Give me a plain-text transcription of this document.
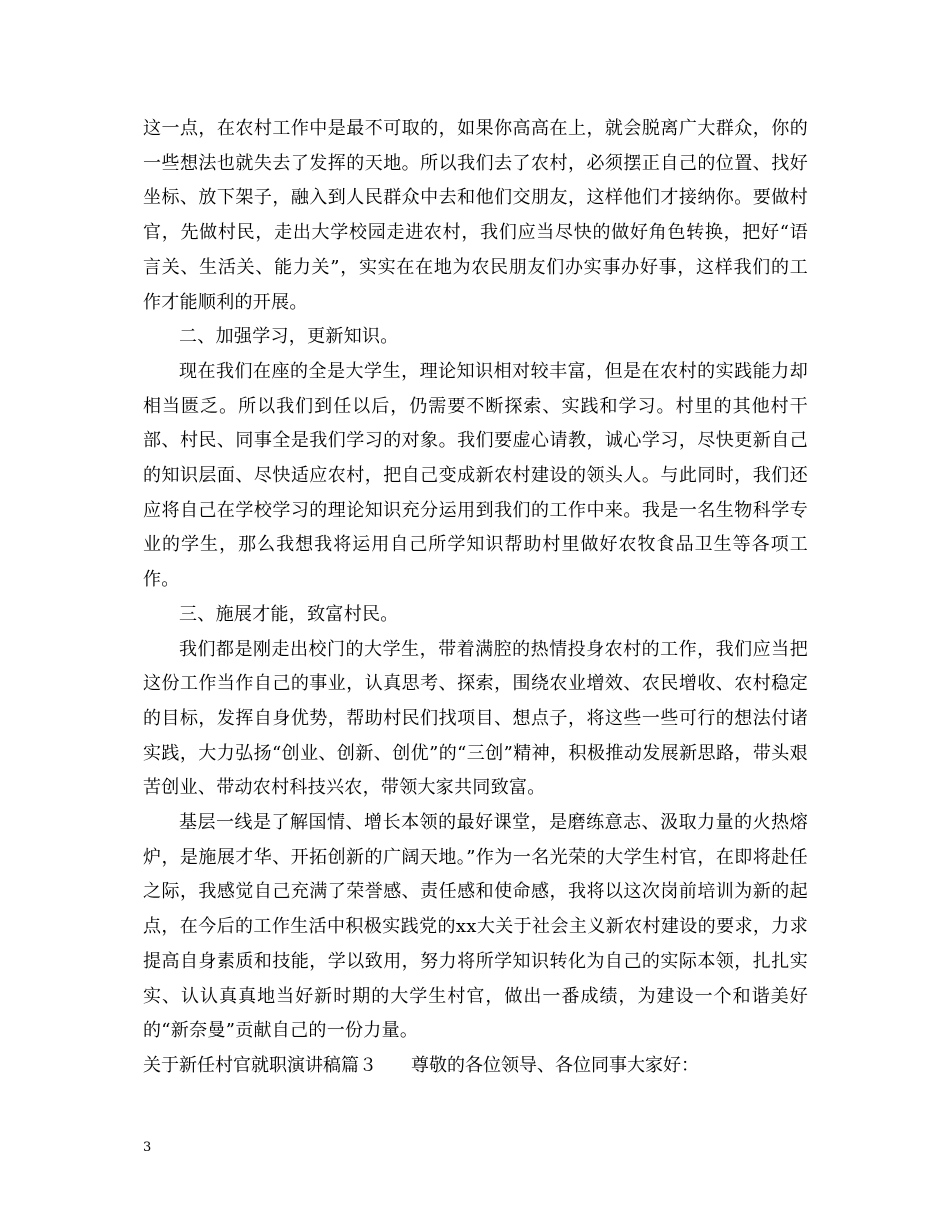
这一点，在农村工作中是最不可取的，如果你高高在上，就会脱离广大群众，你的一些想法也就失去了发挥的天地。所以我们去了农村，必须摆正自己的位置、找好坐标、放下架子，融入到人民群众中去和他们交朋友，这样他们才接纳你。要做村官，先做村民，走出大学校园走进农村，我们应当尽快的做好角色转换，把好“语言关、生活关、能力关”，实实在在地为农民朋友们办实事办好事，这样我们的工作才能顺利的开展。

二、加强学习，更新知识。

现在我们在座的全是大学生，理论知识相对较丰富，但是在农村的实践能力却相当匮乏。所以我们到任以后，仍需要不断探索、实践和学习。村里的其他村干部、村民、同事全是我们学习的对象。我们要虚心请教，诚心学习，尽快更新自己的知识层面、尽快适应农村，把自己变成新农村建设的领头人。与此同时，我们还应将自己在学校学习的理论知识充分运用到我们的工作中来。我是一名生物科学专业的学生，那么我想我将运用自己所学知识帮助村里做好农牧食品卫生等各项工作。

三、施展才能，致富村民。

我们都是刚走出校门的大学生，带着满腔的热情投身农村的工作，我们应当把这份工作当作自己的事业，认真思考、探索，围绕农业增效、农民增收、农村稳定的目标，发挥自身优势，帮助村民们找项目、想点子，将这些一些可行的想法付诸实践，大力弘扬“创业、创新、创优”的“三创”精神，积极推动发展新思路，带头艰苦创业、带动农村科技兴农，带领大家共同致富。

基层一线是了解国情、增长本领的最好课堂，是磨练意志、汲取力量的火热熔炉，是施展才华、开拓创新的广阔天地。”作为一名光荣的大学生村官，在即将赴任之际，我感觉自己充满了荣誉感、责任感和使命感，我将以这次岗前培训为新的起点，在今后的工作生活中积极实践党的xx大关于社会主义新农村建设的要求，力求提高自身素质和技能，学以致用，努力将所学知识转化为自己的实际本领，扎扎实实、认认真真地当好新时期的大学生村官，做出一番成绩，为建设一个和谐美好的“新奈曼”贡献自己的一份力量。

关于新任村官就职演讲稿篇３ 尊敬的各位领导、各位同事大家好：

3
